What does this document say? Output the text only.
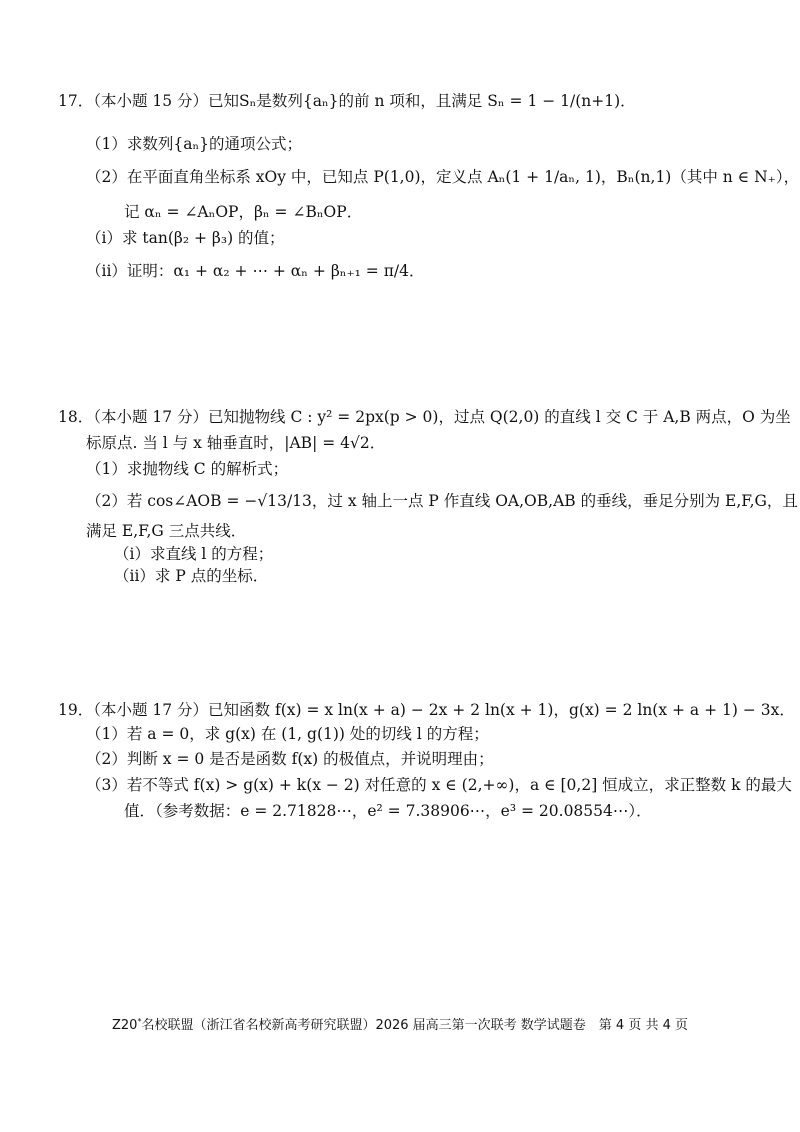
17．（本小题 15 分）已知Sₙ是数列{aₙ}的前 n 项和，且满足 Sₙ = 1 − 1/(n+1)．
（1）求数列{aₙ}的通项公式；
（2）在平面直角坐标系 xOy 中，已知点 P(1,0)，定义点 Aₙ(1 + 1/aₙ, 1)，Bₙ(n,1)（其中 n ∈ N₊），
记 αₙ = ∠AₙOP，βₙ = ∠BₙOP．
（i）求 tan(β₂ + β₃) 的值；
（ii）证明：α₁ + α₂ + ⋯ + αₙ + βₙ₊₁ = π/4．
18．（本小题 17 分）已知抛物线 C : y² = 2px(p > 0)，过点 Q(2,0) 的直线 l 交 C 于 A,B 两点，O 为坐
标原点. 当 l 与 x 轴垂直时，|AB| = 4√2．
（1）求抛物线 C 的解析式；
（2）若 cos∠AOB = −√13/13，过 x 轴上一点 P 作直线 OA,OB,AB 的垂线，垂足分别为 E,F,G，且
满足 E,F,G 三点共线．
（i）求直线 l 的方程；
（ii）求 P 点的坐标．
19．（本小题 17 分）已知函数 f(x) = x ln(x + a) − 2x + 2 ln(x + 1)，g(x) = 2 ln(x + a + 1) − 3x．
（1）若 a = 0，求 g(x) 在 (1, g(1)) 处的切线 l 的方程；
（2）判断 x = 0 是否是函数 f(x) 的极值点，并说明理由；
（3）若不等式 f(x) > g(x) + k(x − 2) 对任意的 x ∈ (2,+∞)，a ∈ [0,2] 恒成立，求正整数 k 的最大
值．（参考数据：e = 2.71828⋯，e² = 7.38906⋯，e³ = 20.08554⋯）．
Z20*名校联盟（浙江省名校新高考研究联盟）2026 届高三第一次联考 数学试题卷　第 4 页 共 4 页
